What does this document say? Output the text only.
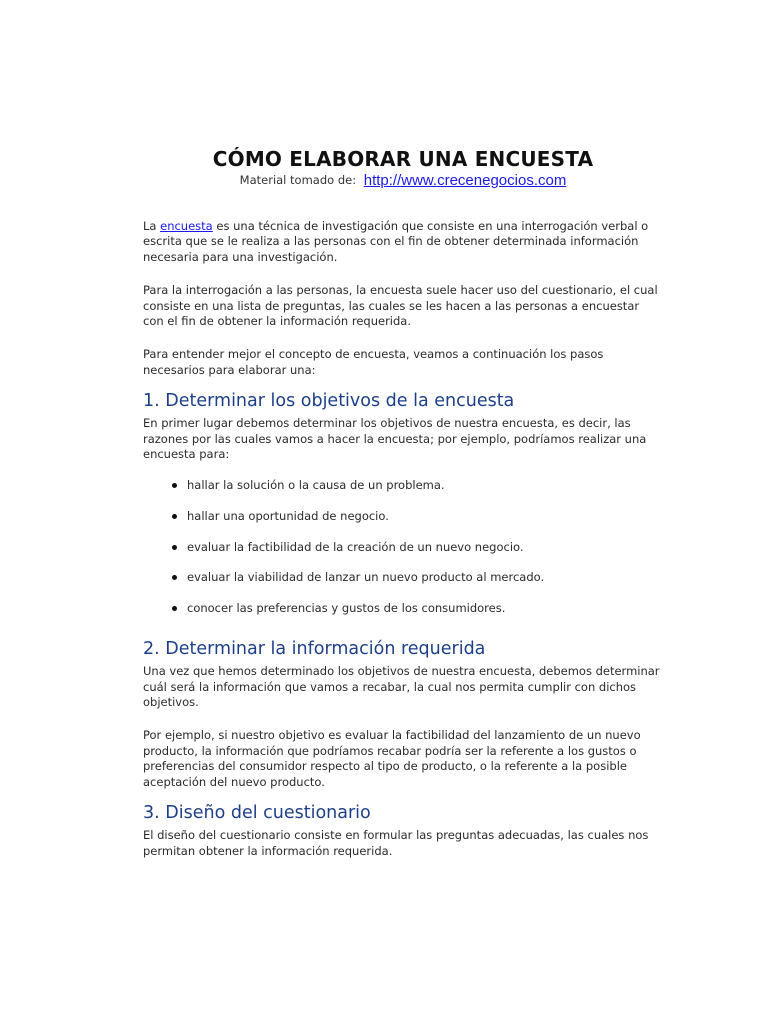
CÓMO ELABORAR UNA ENCUESTA
Material tomado de: http://www.crecenegocios.com

La encuesta es una técnica de investigación que consiste en una interrogación verbal o escrita que se le realiza a las personas con el fin de obtener determinada información necesaria para una investigación.

Para la interrogación a las personas, la encuesta suele hacer uso del cuestionario, el cual consiste en una lista de preguntas, las cuales se les hacen a las personas a encuestar con el fin de obtener la información requerida.

Para entender mejor el concepto de encuesta, veamos a continuación los pasos necesarios para elaborar una:

1. Determinar los objetivos de la encuesta

En primer lugar debemos determinar los objetivos de nuestra encuesta, es decir, las razones por las cuales vamos a hacer la encuesta; por ejemplo, podríamos realizar una encuesta para:

hallar la solución o la causa de un problema.
hallar una oportunidad de negocio.
evaluar la factibilidad de la creación de un nuevo negocio.
evaluar la viabilidad de lanzar un nuevo producto al mercado.
conocer las preferencias y gustos de los consumidores.
2. Determinar la información requerida

Una vez que hemos determinado los objetivos de nuestra encuesta, debemos determinar cuál será la información que vamos a recabar, la cual nos permita cumplir con dichos objetivos.

Por ejemplo, si nuestro objetivo es evaluar la factibilidad del lanzamiento de un nuevo producto, la información que podríamos recabar podría ser la referente a los gustos o preferencias del consumidor respecto al tipo de producto, o la referente a la posible aceptación del nuevo producto.

3. Diseño del cuestionario

El diseño del cuestionario consiste en formular las preguntas adecuadas, las cuales nos permitan obtener la información requerida.
